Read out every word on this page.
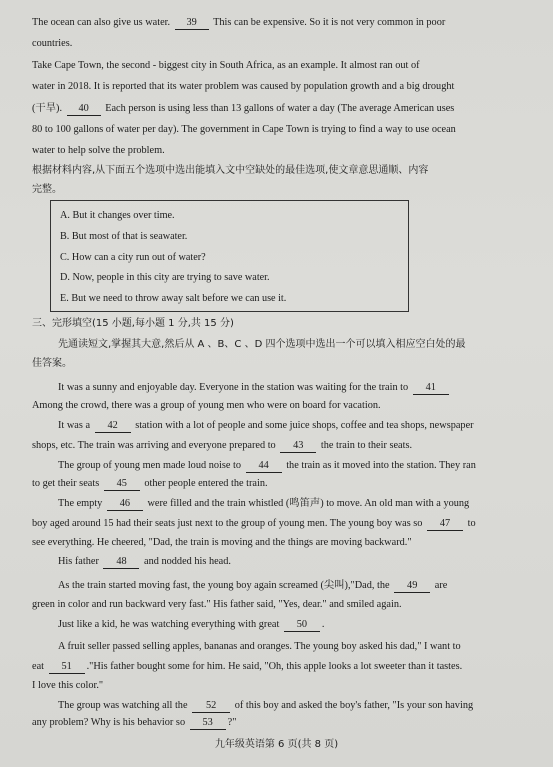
The ocean can also give us water. 39 This can be expensive. So it is not very common in poor
countries.
Take Cape Town, the second - biggest city in South Africa, as an example. It almost ran out of
water in 2018. It is reported that its water problem was caused by population growth and a big drought
(干旱). 40 Each person is using less than 13 gallons of water a day (The average American uses
80 to 100 gallons of water per day). The government in Cape Town is trying to find a way to use ocean
water to help solve the problem.
根据材料内容,从下面五个选项中选出能填入文中空缺处的最佳选项,使文章意思通顺、内容
完整。
A. But it changes over time.
B. But most of that is seawater.
C. How can a city run out of water?
D. Now, people in this city are trying to save water.
E. But we need to throw away salt before we can use it.
三、完形填空(15 小题,每小题 1 分,共 15 分)
先通读短文,掌握其大意,然后从 A 、B、C 、D 四个选项中选出一个可以填入相应空白处的最
佳答案。
It was a sunny and enjoyable day. Everyone in the station was waiting for the train to 41
Among the crowd, there was a group of young men who were on board for vacation.
It was a 42 station with a lot of people and some juice shops, coffee and tea shops, newspaper
shops, etc. The train was arriving and everyone prepared to 43 the train to their seats.
The group of young men made loud noise to 44 the train as it moved into the station. They ran
to get their seats 45 other people entered the train.
The empty 46 were filled and the train whistled (鸣笛声) to move. An old man with a young
boy aged around 15 had their seats just next to the group of young men. The young boy was so 47 to
see everything. He cheered, "Dad, the train is moving and the things are moving backward."
His father 48 and nodded his head.
As the train started moving fast, the young boy again screamed (尖叫),"Dad, the 49 are
green in color and run backward very fast." His father said, "Yes, dear." and smiled again.
Just like a kid, he was watching everything with great 50 .
A fruit seller passed selling apples, bananas and oranges. The young boy asked his dad," I want to
eat 51 ."His father bought some for him. He said, "Oh, this apple looks a lot sweeter than it tastes.
I love this color."
The group was watching all the 52 of this boy and asked the boy's father, "Is your son having
any problem? Why is his behavior so 53 ?"
九年级英语第 6 页(共 8 页)
